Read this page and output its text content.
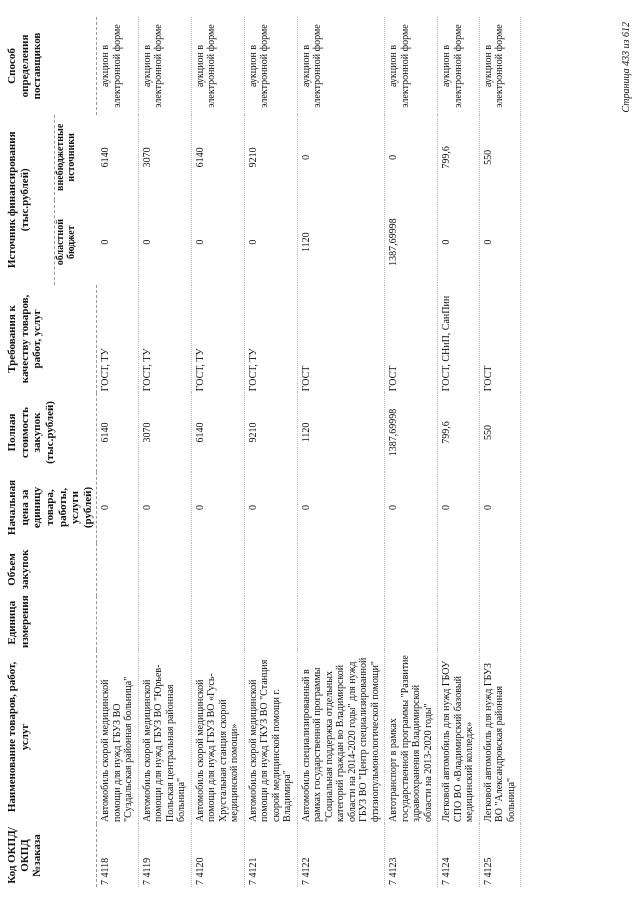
Код ОКПД/ ОКПД №заказа	Наименование товаров, работ, услуг	Единица измерения	Объем закупок	Начальная цена за единицу товара, работы, услуги (рублей)	Полная стоимость закупок (тыс.рублей)	Требования к качеству товаров, работ, услуг	Источник финансирования (тыс.рублей)		Способ определения поставщиков
							областной бюджет	внебюджетные источники	
7 4118	Автомобиль скорой медицинской помощи для нужд ГБУЗ ВО "Суздальская районная больница"			0	6140	ГОСТ, ТУ	0	6140	аукцион в электронной форме
7 4119	Автомобиль скорой медицинской помощи для нужд ГБУЗ ВО "Юрьев-Польская центральная районная больница"			0	3070	ГОСТ, ТУ	0	3070	аукцион в электронной форме
7 4120	Автомобиль скорой медицинской помощи для нужд ГБУЗ ВО «Гусь-Хрустальная станция скорой медицинской помощи»			0	6140	ГОСТ, ТУ	0	6140	аукцион в электронной форме
7 4121	Автомобиль скорой медицинской помощи для нужд ГКУЗ ВО "Станция скорой медицинской помощи г. Владимира"			0	9210	ГОСТ, ТУ	0	9210	аукцион в электронной форме
7 4122	Автомобиль специализированный в рамках государственной программы "Социальная поддержка отдельных категорий граждан во Владимирской области на 2014-2020 годы" для нужд ГБУЗ ВО "Центр специализированной фтизиопульмонологической помощи"			0	1120	ГОСТ	1120	0	аукцион в электронной форме
7 4123	Автотранспорт в рамках государственной программы "Развитие здравоохранения Владимирской области на 2013-2020 годы"			0	1387,69998	ГОСТ	1387,69998	0	аукцион в электронной форме
7 4124	Легковой автомобиль для нужд ГБОУ СПО ВО «Владимирский базовый медицинский колледж»			0	799,6	ГОСТ, СНиП, СанПин	0	799,6	аукцион в электронной форме
7 4125	Легковой автомобиль для нужд ГБУЗ ВО "Александровская районная больница"			0	550	ГОСТ	0	550	аукцион в электронной форме	Страница 433 из 612
